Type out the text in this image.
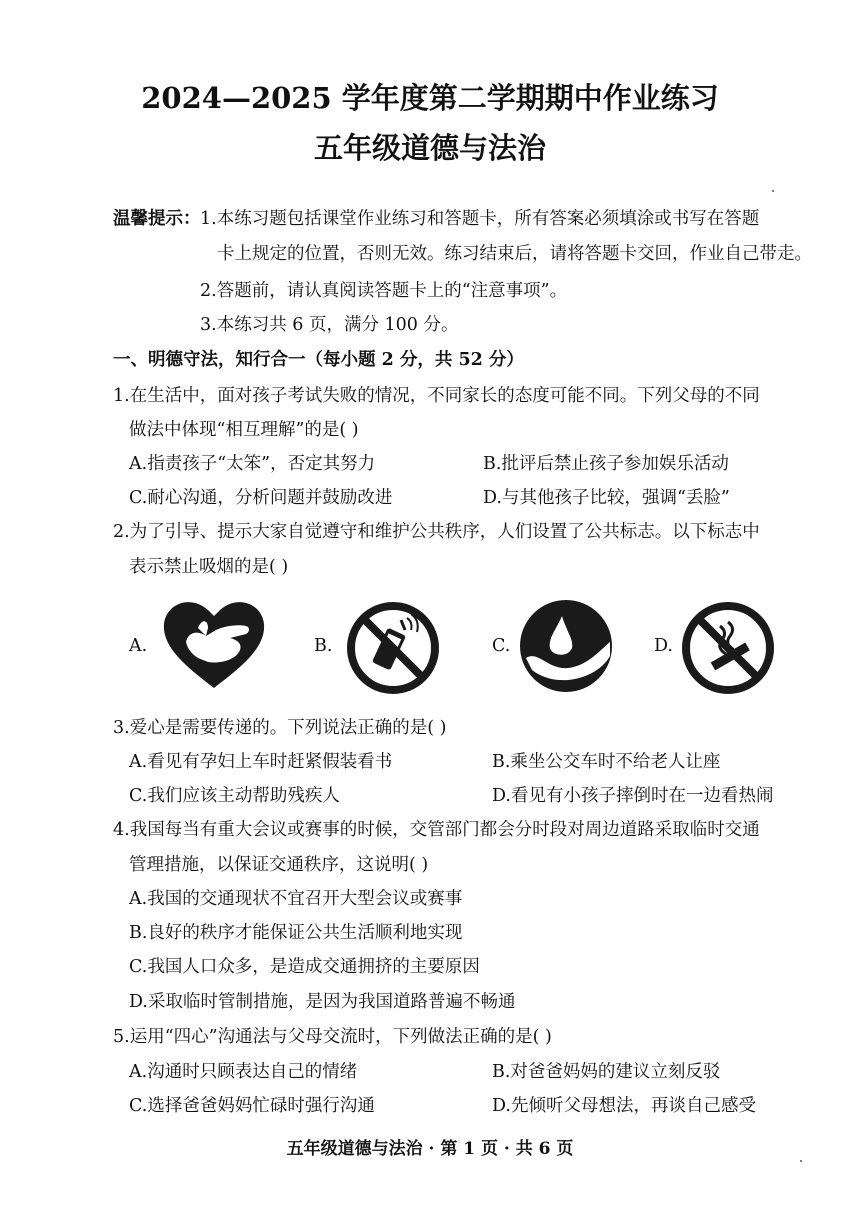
2024—2025 学年度第二学期期中作业练习
五年级道德与法治
温馨提示： 1.本练习题包括课堂作业练习和答题卡，所有答案必须填涂或书写在答题
卡上规定的位置，否则无效。练习结束后，请将答题卡交回，作业自己带走。
2.答题前，请认真阅读答题卡上的“注意事项”。
3.本练习共 6 页，满分 100 分。
一、明德守法，知行合一（每小题 2 分，共 52 分）
1.在生活中，面对孩子考试失败的情况，不同家长的态度可能不同。下列父母的不同
做法中体现“相互理解”的是( )
A.指责孩子“太笨”，否定其努力	B.批评后禁止孩子参加娱乐活动
C.耐心沟通，分析问题并鼓励改进	D.与其他孩子比较，强调“丢脸”
2.为了引导、提示大家自觉遵守和维护公共秩序，人们设置了公共标志。以下标志中
表示禁止吸烟的是( )
A.	B.	C.	D.
3.爱心是需要传递的。下列说法正确的是( )
A.看见有孕妇上车时赶紧假装看书	B.乘坐公交车时不给老人让座
C.我们应该主动帮助残疾人	D.看见有小孩子摔倒时在一边看热闹
4.我国每当有重大会议或赛事的时候，交管部门都会分时段对周边道路采取临时交通
管理措施，以保证交通秩序，这说明( )
A.我国的交通现状不宜召开大型会议或赛事
B.良好的秩序才能保证公共生活顺利地实现
C.我国人口众多，是造成交通拥挤的主要原因
D.采取临时管制措施，是因为我国道路普遍不畅通
5.运用“四心”沟通法与父母交流时，下列做法正确的是( )
A.沟通时只顾表达自己的情绪	B.对爸爸妈妈的建议立刻反驳
C.选择爸爸妈妈忙碌时强行沟通	D.先倾听父母想法，再谈自己感受
五年级道德与法治 · 第 1 页 · 共 6 页
